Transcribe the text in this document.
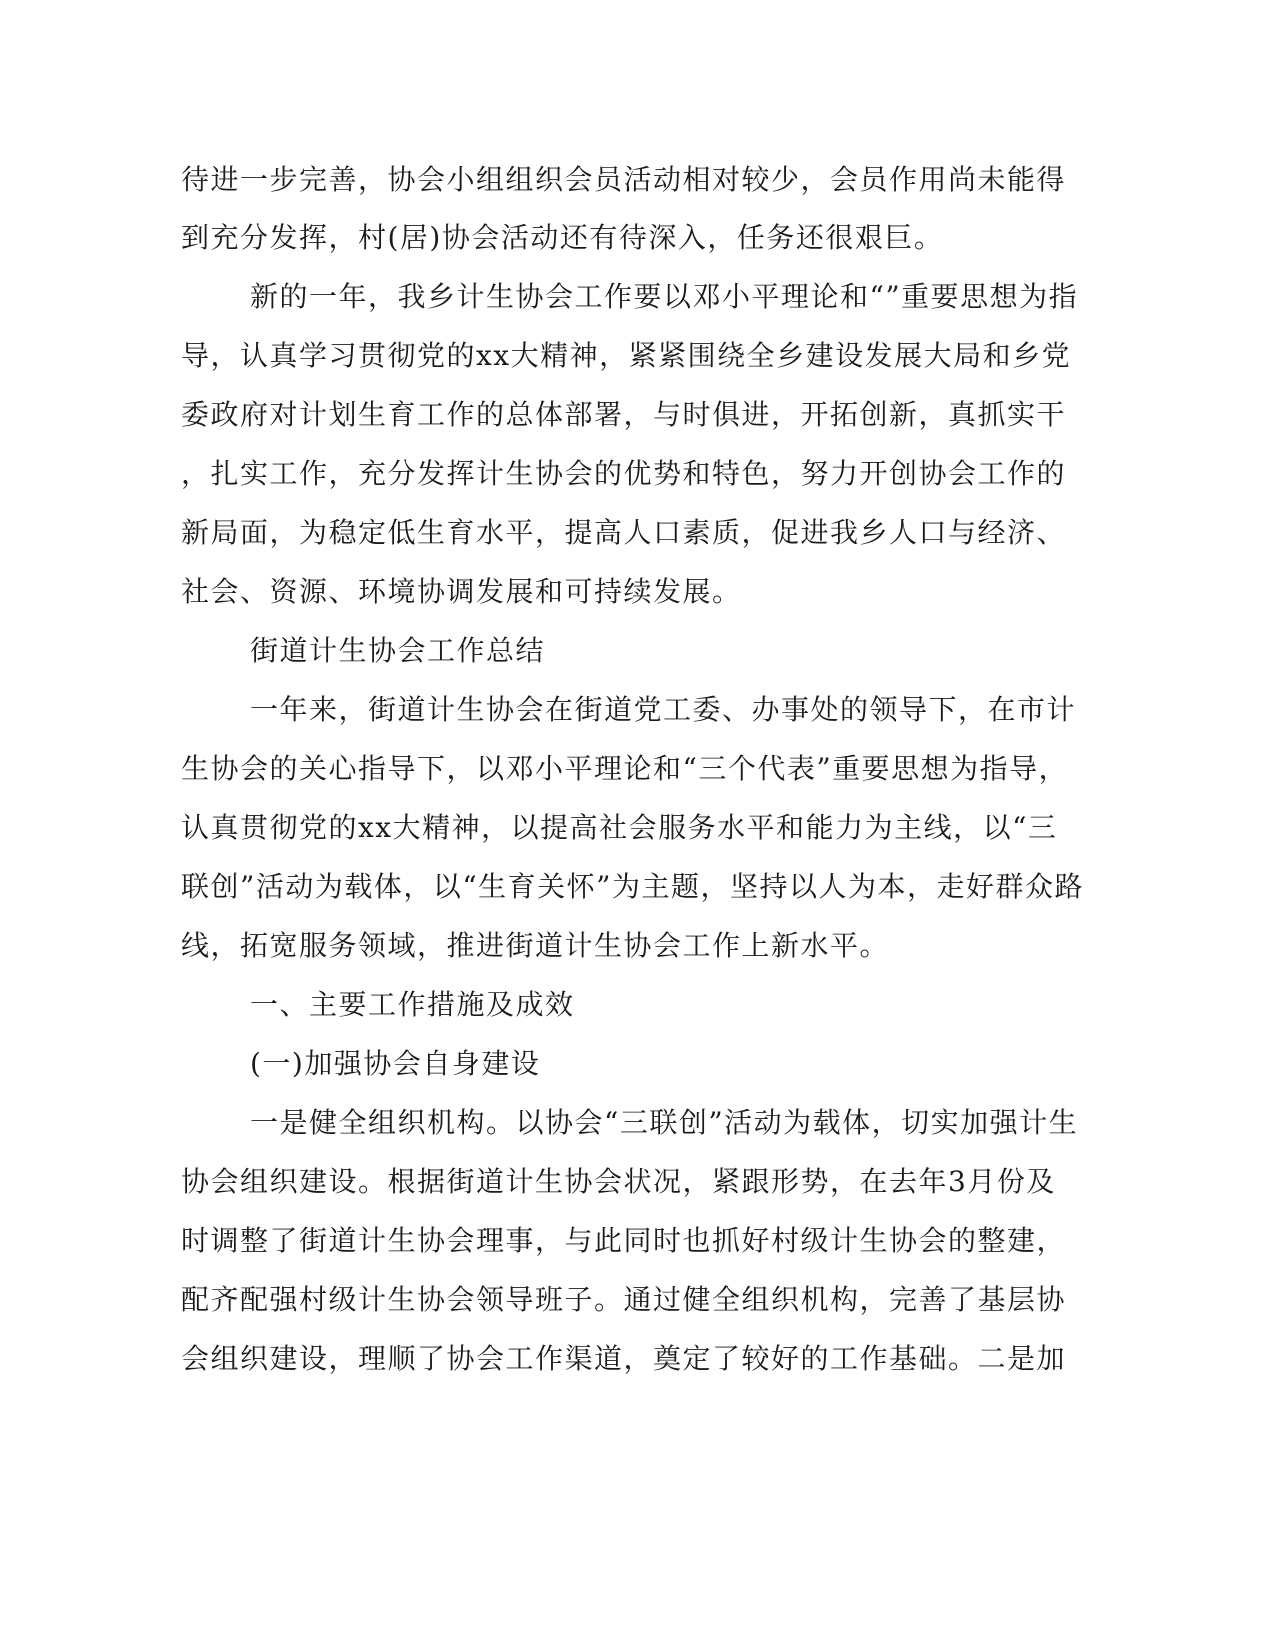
待进一步完善，协会小组组织会员活动相对较少，会员作用尚未能得
到充分发挥，村(居)协会活动还有待深入，任务还很艰巨。
新的一年，我乡计生协会工作要以邓小平理论和“”重要思想为指
导，认真学习贯彻党的xx大精神，紧紧围绕全乡建设发展大局和乡党
委政府对计划生育工作的总体部署，与时俱进，开拓创新，真抓实干
，扎实工作，充分发挥计生协会的优势和特色，努力开创协会工作的
新局面，为稳定低生育水平，提高人口素质，促进我乡人口与经济、
社会、资源、环境协调发展和可持续发展。
街道计生协会工作总结
一年来，街道计生协会在街道党工委、办事处的领导下，在市计
生协会的关心指导下，以邓小平理论和“三个代表”重要思想为指导，
认真贯彻党的xx大精神，以提高社会服务水平和能力为主线，以“三
联创”活动为载体，以“生育关怀”为主题，坚持以人为本，走好群众路
线，拓宽服务领域，推进街道计生协会工作上新水平。
一、主要工作措施及成效
(一)加强协会自身建设
一是健全组织机构。以协会“三联创”活动为载体，切实加强计生
协会组织建设。根据街道计生协会状况，紧跟形势，在去年3月份及
时调整了街道计生协会理事，与此同时也抓好村级计生协会的整建，
配齐配强村级计生协会领导班子。通过健全组织机构，完善了基层协
会组织建设，理顺了协会工作渠道，奠定了较好的工作基础。二是加
